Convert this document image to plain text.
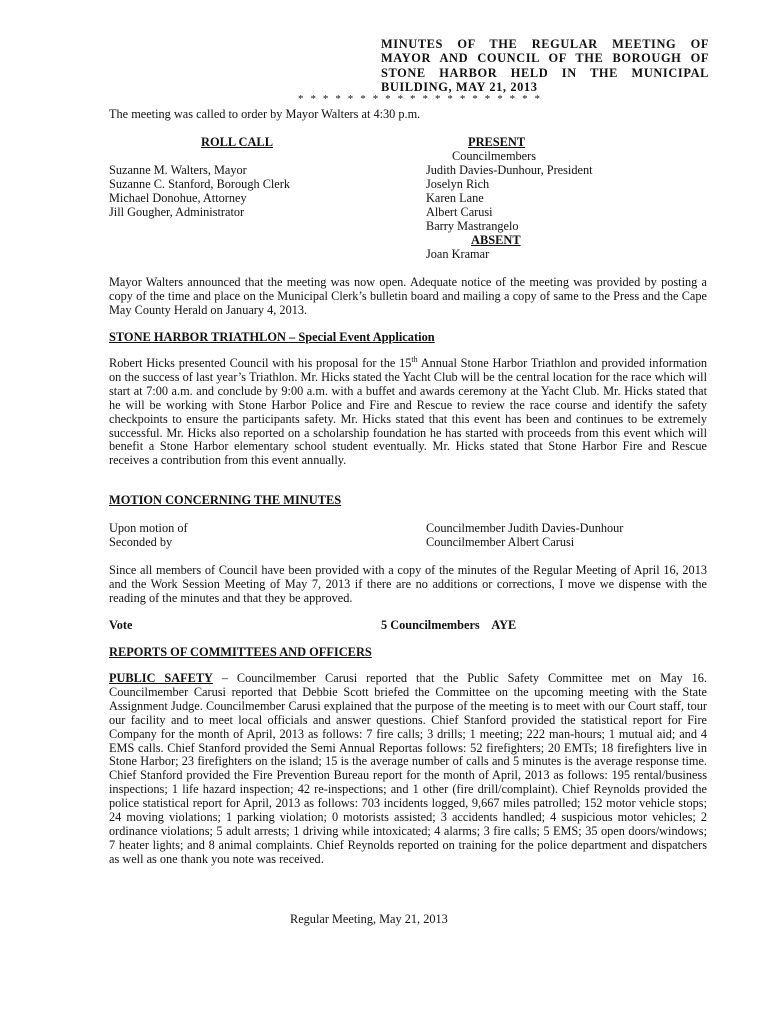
MINUTES OF THE REGULAR MEETING OF MAYOR AND COUNCIL OF THE BOROUGH OF STONE HARBOR HELD IN THE MUNICIPAL BUILDING, MAY 21, 2013
* * * * * * * * * * * * * * * * * * * *
The meeting was called to order by Mayor Walters at 4:30 p.m.
ROLL CALL
Suzanne M. Walters, Mayor
Suzanne C. Stanford, Borough Clerk
Michael Donohue, Attorney
Jill Gougher, Administrator
PRESENT
Councilmembers
Judith Davies-Dunhour, President
Joselyn Rich
Karen Lane
Albert Carusi
Barry Mastrangelo
ABSENT
Joan Kramar
Mayor Walters announced that the meeting was now open. Adequate notice of the meeting was provided by posting a copy of the time and place on the Municipal Clerk’s bulletin board and mailing a copy of same to the Press and the Cape May County Herald on January 4, 2013.
STONE HARBOR TRIATHLON – Special Event Application
Robert Hicks presented Council with his proposal for the 15th Annual Stone Harbor Triathlon and provided information on the success of last year’s Triathlon. Mr. Hicks stated the Yacht Club will be the central location for the race which will start at 7:00 a.m. and conclude by 9:00 a.m. with a buffet and awards ceremony at the Yacht Club. Mr. Hicks stated that he will be working with Stone Harbor Police and Fire and Rescue to review the race course and identify the safety checkpoints to ensure the participants safety. Mr. Hicks stated that this event has been and continues to be extremely successful. Mr. Hicks also reported on a scholarship foundation he has started with proceeds from this event which will benefit a Stone Harbor elementary school student eventually. Mr. Hicks stated that Stone Harbor Fire and Rescue receives a contribution from this event annually.
MOTION CONCERNING THE MINUTES
Upon motion of	Councilmember Judith Davies-Dunhour
Seconded by	Councilmember Albert Carusi
Since all members of Council have been provided with a copy of the minutes of the Regular Meeting of April 16, 2013 and the Work Session Meeting of May 7, 2013 if there are no additions or corrections, I move we dispense with the reading of the minutes and that they be approved.
Vote	5 Councilmembers    AYE
REPORTS OF COMMITTEES AND OFFICERS
PUBLIC SAFETY – Councilmember Carusi reported that the Public Safety Committee met on May 16. Councilmember Carusi reported that Debbie Scott briefed the Committee on the upcoming meeting with the State Assignment Judge. Councilmember Carusi explained that the purpose of the meeting is to meet with our Court staff, tour our facility and to meet local officials and answer questions. Chief Stanford provided the statistical report for Fire Company for the month of April, 2013 as follows: 7 fire calls; 3 drills; 1 meeting; 222 man-hours; 1 mutual aid; and 4 EMS calls. Chief Stanford provided the Semi Annual Reportas follows: 52 firefighters; 20 EMTs; 18 firefighters live in Stone Harbor; 23 firefighters on the island; 15 is the average number of calls and 5 minutes is the average response time. Chief Stanford provided the Fire Prevention Bureau report for the month of April, 2013 as follows: 195 rental/business inspections; 1 life hazard inspection; 42 re-inspections; and 1 other (fire drill/complaint). Chief Reynolds provided the police statistical report for April, 2013 as follows: 703 incidents logged, 9,667 miles patrolled; 152 motor vehicle stops; 24 moving violations; 1 parking violation; 0 motorists assisted; 3 accidents handled; 4 suspicious motor vehicles; 2 ordinance violations; 5 adult arrests; 1 driving while intoxicated; 4 alarms; 3 fire calls; 5 EMS; 35 open doors/windows; 7 heater lights; and 8 animal complaints. Chief Reynolds reported on training for the police department and dispatchers as well as one thank you note was received.
Regular Meeting, May 21, 2013
